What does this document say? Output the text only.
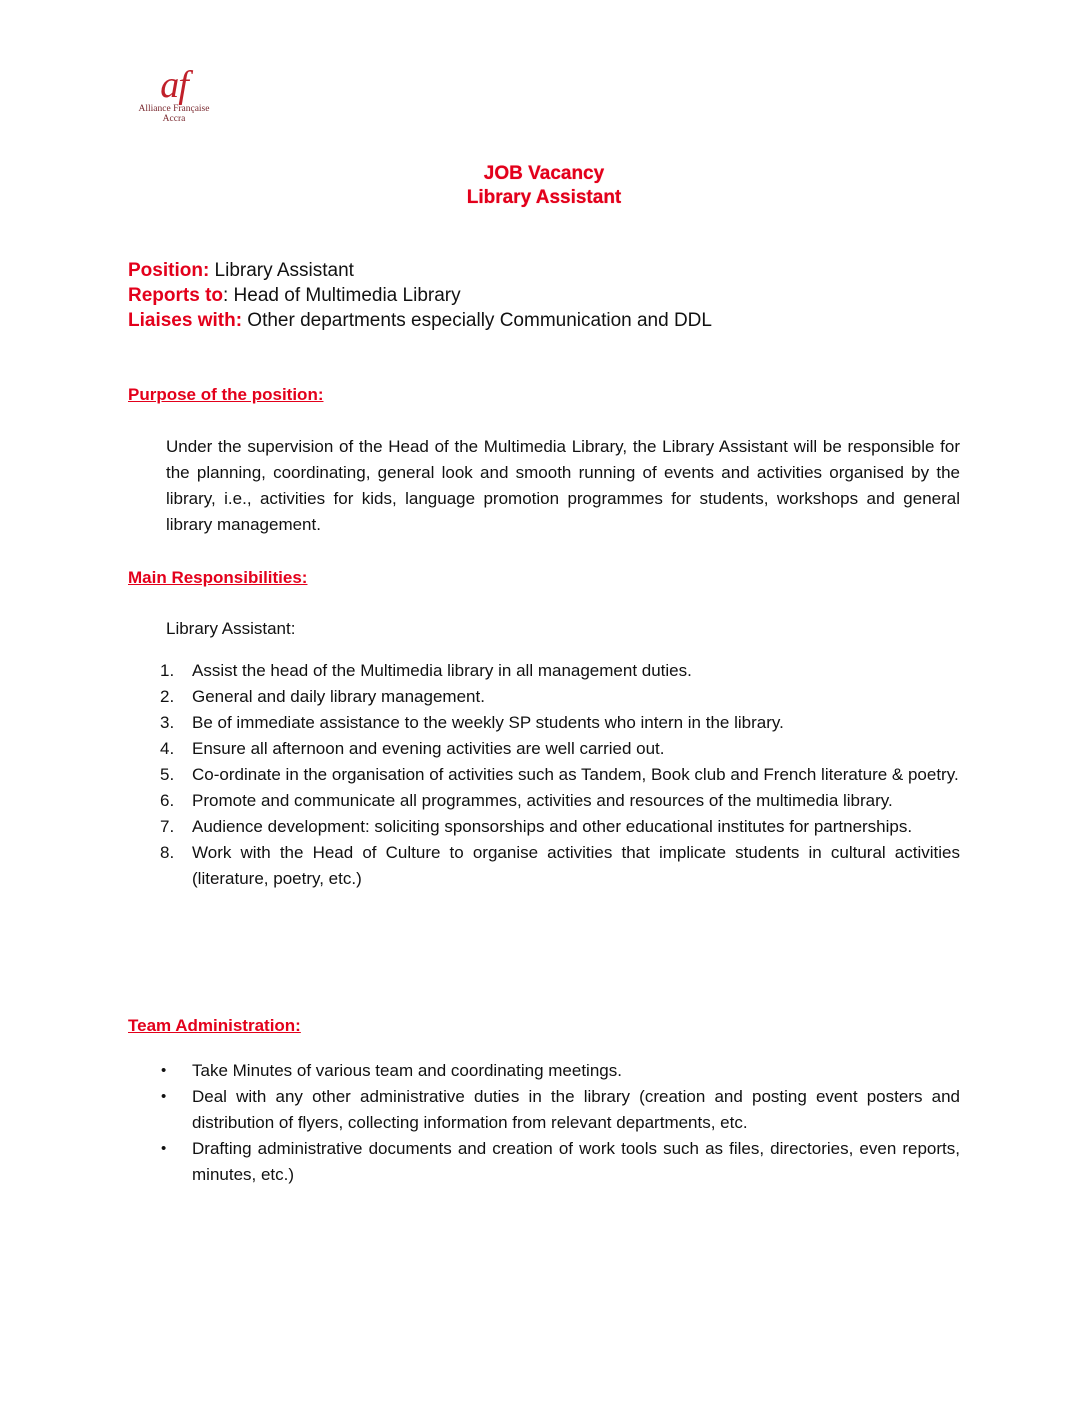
af
Alliance Française
Accra
JOB Vacancy
Library Assistant
Position: Library Assistant
Reports to: Head of Multimedia Library
Liaises with: Other departments especially Communication and DDL
Purpose of the position:
Under the supervision of the Head of the Multimedia Library, the Library Assistant will be responsible for the planning, coordinating, general look and smooth running of events and activities organised by the library, i.e., activities for kids, language promotion programmes for students, workshops and general library management.
Main Responsibilities:
Library Assistant:
1. Assist the head of the Multimedia library in all management duties.
2. General and daily library management.
3. Be of immediate assistance to the weekly SP students who intern in the library.
4. Ensure all afternoon and evening activities are well carried out.
5. Co-ordinate in the organisation of activities such as Tandem, Book club and French literature & poetry.
6. Promote and communicate all programmes, activities and resources of the multimedia library.
7. Audience development: soliciting sponsorships and other educational institutes for partnerships.
8. Work with the Head of Culture to organise activities that implicate students in cultural activities (literature, poetry, etc.)
Team Administration:
• Take Minutes of various team and coordinating meetings.
• Deal with any other administrative duties in the library (creation and posting event posters and distribution of flyers, collecting information from relevant departments, etc.
• Drafting administrative documents and creation of work tools such as files, directories, even reports, minutes, etc.)
